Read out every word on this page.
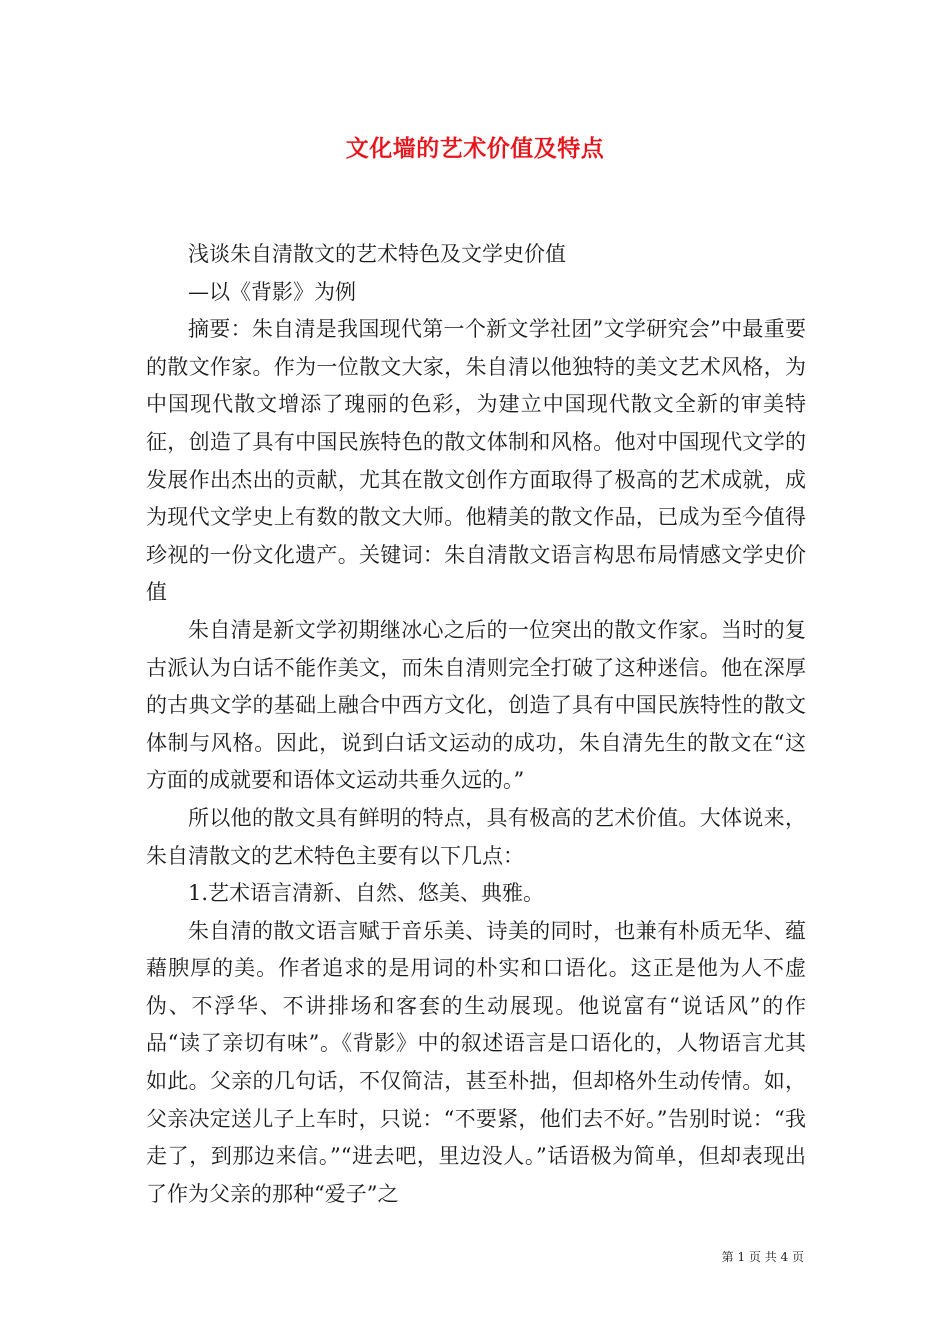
文化墙的艺术价值及特点

浅谈朱自清散文的艺术特色及文学史价值

—以《背影》为例

摘要：朱自清是我国现代第一个新文学社团”文学研究会”中最重要的散文作家。作为一位散文大家，朱自清以他独特的美文艺术风格，为中国现代散文增添了瑰丽的色彩，为建立中国现代散文全新的审美特征，创造了具有中国民族特色的散文体制和风格。他对中国现代文学的发展作出杰出的贡献，尤其在散文创作方面取得了极高的艺术成就，成为现代文学史上有数的散文大师。他精美的散文作品，已成为至今值得珍视的一份文化遗产。关键词：朱自清散文语言构思布局情感文学史价值

朱自清是新文学初期继冰心之后的一位突出的散文作家。当时的复古派认为白话不能作美文，而朱自清则完全打破了这种迷信。他在深厚的古典文学的基础上融合中西方文化，创造了具有中国民族特性的散文体制与风格。因此，说到白话文运动的成功，朱自清先生的散文在“这方面的成就要和语体文运动共垂久远的。”

所以他的散文具有鲜明的特点，具有极高的艺术价值。大体说来，朱自清散文的艺术特色主要有以下几点：

1.艺术语言清新、自然、悠美、典雅。

朱自清的散文语言赋于音乐美、诗美的同时，也兼有朴质无华、蕴藉腴厚的美。作者追求的是用词的朴实和口语化。这正是他为人不虚伪、不浮华、不讲排场和客套的生动展现。他说富有“说话风”的作品“读了亲切有味”。《背影》中的叙述语言是口语化的，人物语言尤其如此。父亲的几句话，不仅简洁，甚至朴拙，但却格外生动传情。如，父亲决定送儿子上车时，只说：“不要紧，他们去不好。”告别时说：“我走了，到那边来信。”“进去吧，里边没人。”话语极为简单，但却表现出了作为父亲的那种“爱子”之

第 1 页 共 4 页
